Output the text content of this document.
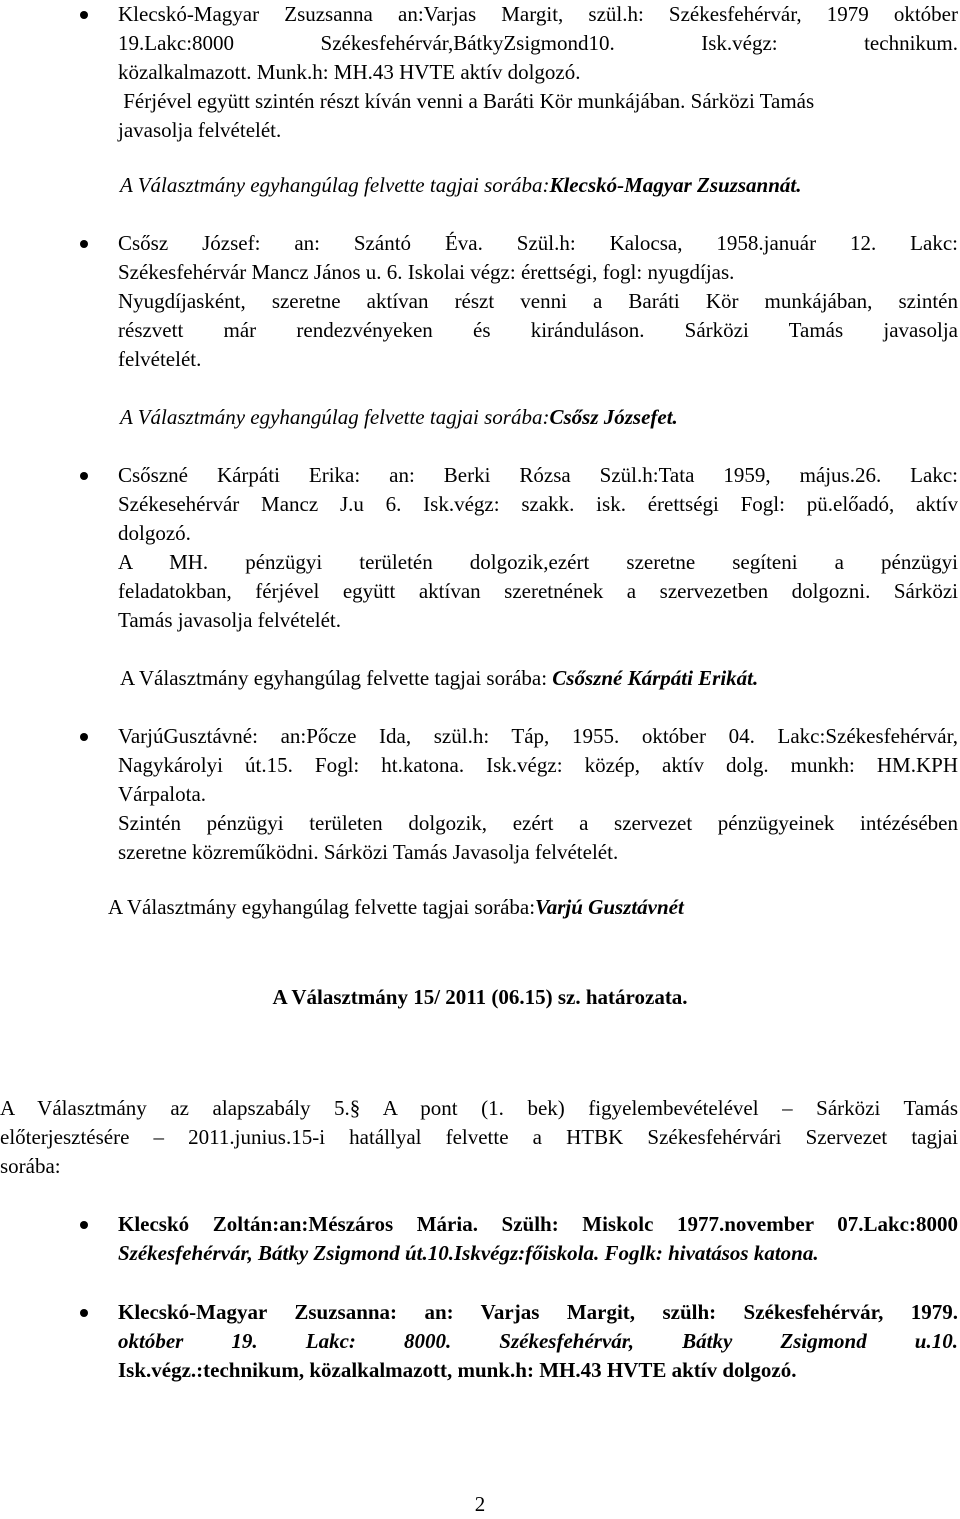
Klecskó-Magyar Zsuzsanna an:Varjas Margit, szül.h: Székesfehérvár, 1979 október
19.Lakc:8000 Székesfehérvár,BátkyZsigmond10. Isk.végz: technikum.
közalkalmazott. Munk.h: MH.43 HVTE aktív dolgozó.
Férjével együtt szintén részt kíván venni a Baráti Kör munkájában. Sárközi Tamás
javasolja felvételét.
A Választmány egyhangúlag felvette tagjai sorába:Klecskó-Magyar Zsuzsannát.
Csősz József: an: Szántó Éva. Szül.h: Kalocsa, 1958.január 12. Lakc:
Székesfehérvár Mancz János u. 6. Iskolai végz: érettségi, fogl: nyugdíjas.
Nyugdíjasként, szeretne aktívan részt venni a Baráti Kör munkájában, szintén
részvett már rendezvényeken és kiránduláson. Sárközi Tamás javasolja
felvételét.
A Választmány egyhangúlag felvette tagjai sorába:Csősz Józsefet.
Csőszné Kárpáti Erika: an: Berki Rózsa Szül.h:Tata 1959, május.26. Lakc:
Székesehérvár Mancz J.u 6. Isk.végz: szakk. isk. érettségi Fogl: pü.előadó, aktív
dolgozó.
A MH. pénzügyi területén dolgozik,ezért szeretne segíteni a pénzügyi
feladatokban, férjével együtt aktívan szeretnének a szervezetben dolgozni. Sárközi
Tamás javasolja felvételét.
A Választmány egyhangúlag felvette tagjai sorába: Csőszné Kárpáti Erikát.
VarjúGusztávné: an:Pőcze Ida, szül.h: Táp, 1955. október 04. Lakc:Székesfehérvár,
Nagykárolyi út.15. Fogl: ht.katona. Isk.végz: közép, aktív dolg. munkh: HM.KPH
Várpalota.
Szintén pénzügyi területen dolgozik, ezért a szervezet pénzügyeinek intézésében
szeretne közreműködni. Sárközi Tamás Javasolja felvételét.
A Választmány egyhangúlag felvette tagjai sorába:Varjú Gusztávnét
A Választmány 15/ 2011 (06.15) sz. határozata.
A Választmány az alapszabály 5.§ A pont (1. bek) figyelembevételével – Sárközi Tamás
előterjesztésére – 2011.junius.15-i hatállyal felvette a HTBK Székesfehérvári Szervezet tagjai
sorába:
Klecskó Zoltán:an:Mészáros Mária. Szülh: Miskolc 1977.november 07.Lakc:8000
Székesfehérvár, Bátky Zsigmond út.10.Iskvégz:főiskola. Foglk: hivatásos katona.
Klecskó-Magyar Zsuzsanna: an: Varjas Margit, szülh: Székesfehérvár, 1979.
október 19. Lakc: 8000. Székesfehérvár, Bátky Zsigmond u.10.
Isk.végz.:technikum, közalkalmazott, munk.h: MH.43 HVTE aktív dolgozó.
2
